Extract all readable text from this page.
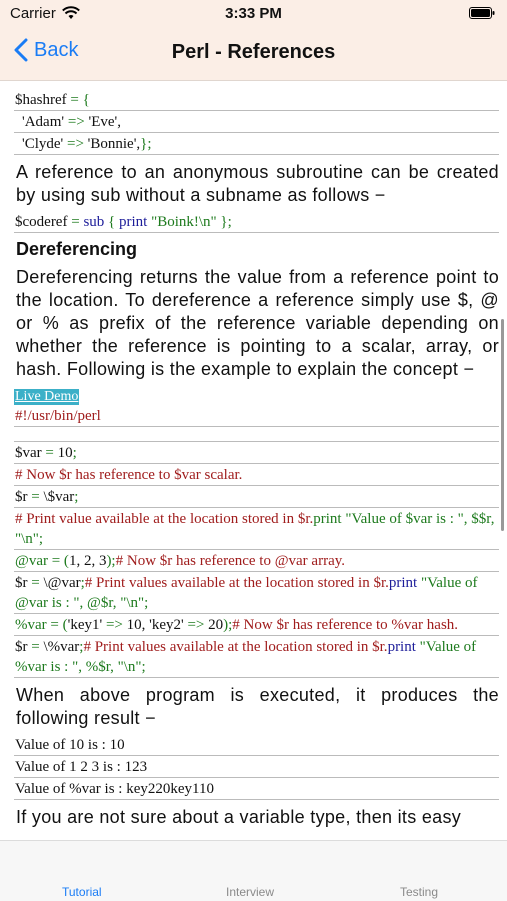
Carrier	3:33 PM
Back	Perl - References
$hashref = {
'Adam' => 'Eve',
'Clyde' => 'Bonnie',};

A reference to an anonymous subroutine can be created by using sub without a subname as follows −

$coderef = sub { print "Boink!\n" };
Dereferencing

Dereferencing returns the value from a reference point to the location. To dereference a reference simply use $, @ or % as prefix of the reference variable depending on whether the reference is pointing to a scalar, array, or hash. Following is the example to explain the concept −

Live Demo
#!/usr/bin/perl
$var = 10;
# Now $r has reference to $var scalar.
$r = \$var;
# Print value available at the location stored in $r.print "Value of $var is : ", $$r, "\n";
@var = (1, 2, 3);# Now $r has reference to @var array.
$r = \@var;# Print values available at the location stored in $r.print "Value of @var is : ", @$r, "\n";
%var = ('key1' => 10, 'key2' => 20);# Now $r has reference to %var hash.
$r = \%var;# Print values available at the location stored in $r.print "Value of %var is : ", %$r, "\n";

When above program is executed, it produces the following result −

Value of 10 is : 10
Value of 1 2 3 is : 123
Value of %var is : key220key110

If you are not sure about a variable type, then its easy

Tutorial	Interview	Testing
